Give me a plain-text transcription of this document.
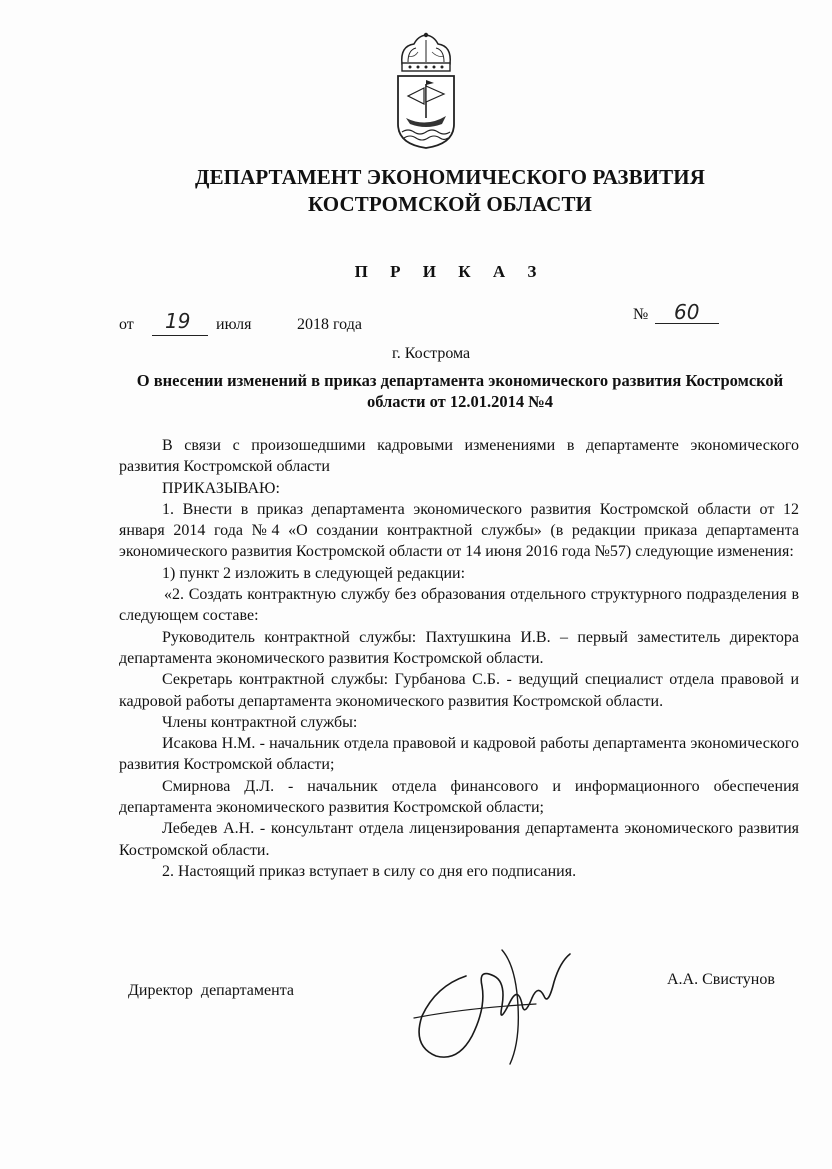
ДЕПАРТАМЕНТ ЭКОНОМИЧЕСКОГО РАЗВИТИЯ
КОСТРОМСКОЙ ОБЛАСТИ
П Р И К А З
от 19 июля	2018 года
№ 60
г. Кострома
О внесении изменений в приказ департамента экономического развития Костромской области от 12.01.2014 №4

В связи с произошедшими кадровыми изменениями в департаменте экономического развития Костромской области

ПРИКАЗЫВАЮ:

1. Внести в приказ департамента экономического развития Костромской области от 12 января 2014 года №4 «О создании контрактной службы» (в редакции приказа департамента экономического развития Костромской области от 14 июня 2016 года №57) следующие изменения:

1) пункт 2 изложить в следующей редакции:

«2. Создать контрактную службу без образования отдельного структурного подразделения в следующем составе:

Руководитель контрактной службы: Пахтушкина И.В. – первый заместитель директора департамента экономического развития Костромской области.

Секретарь контрактной службы: Гурбанова С.Б. - ведущий специалист отдела правовой и кадровой работы департамента экономического развития Костромской области.

Члены контрактной службы:

Исакова Н.М. - начальник отдела правовой и кадровой работы департамента экономического развития Костромской области;

Смирнова Д.Л. - начальник отдела финансового и информационного обеспечения департамента экономического развития Костромской области;

Лебедев А.Н. - консультант отдела лицензирования департамента экономического развития Костромской области.

2. Настоящий приказ вступает в силу со дня его подписания.

Директор  департамента
А.А. Свистунов
